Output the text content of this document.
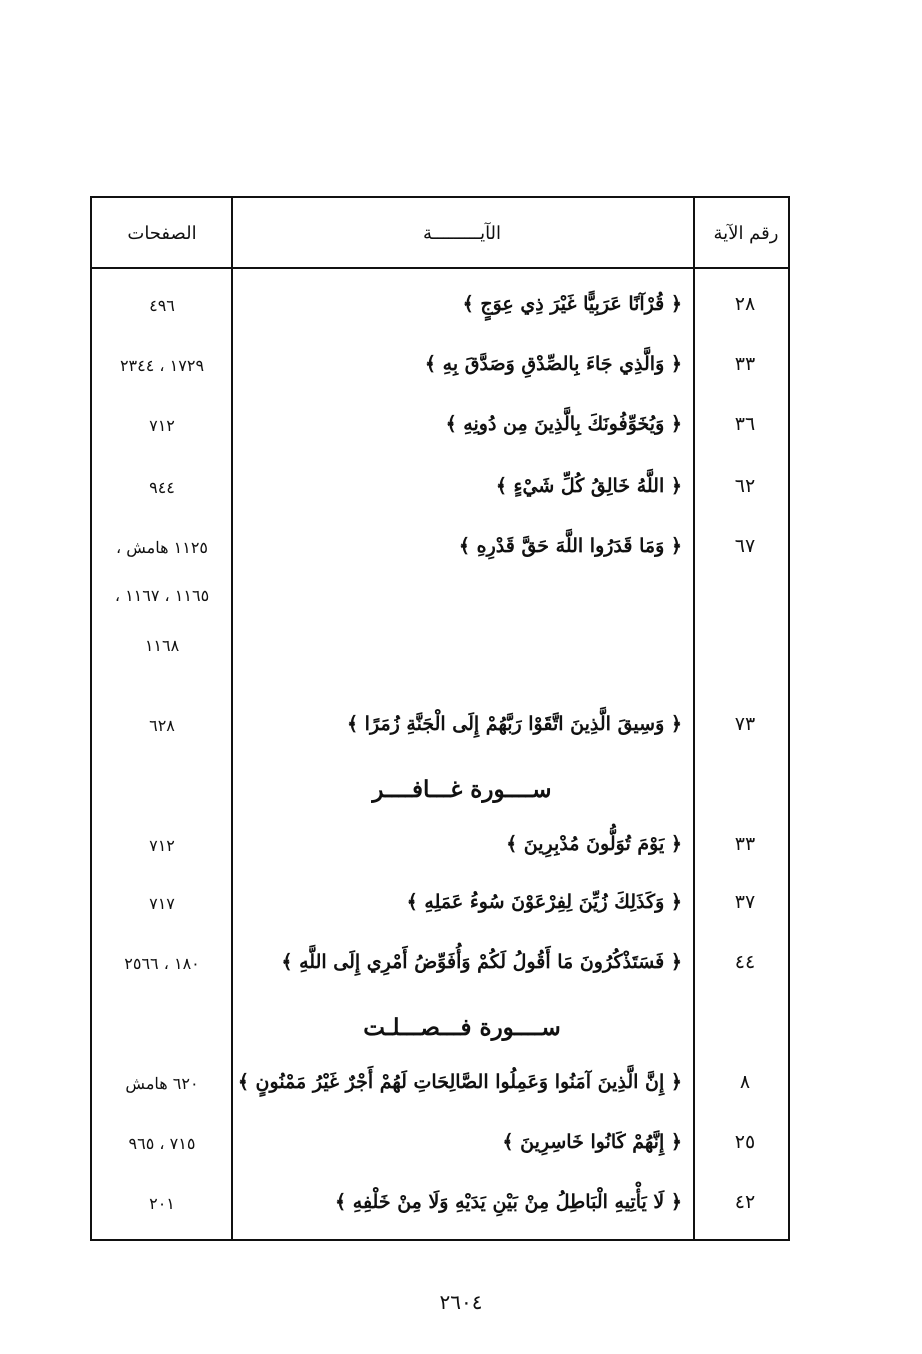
رقم الآية
الآيـــــــــة
الصفحات
٢٨
﴿ قُرْآنًا عَرَبِيًّا غَيْرَ ذِي عِوَجٍ ﴾
٤٩٦
٣٣
﴿ وَالَّذِي جَاءَ بِالصِّدْقِ وَصَدَّقَ بِهِ ﴾
١٧٢٩ ، ٢٣٤٤
٣٦
﴿ وَيُخَوِّفُونَكَ بِالَّذِينَ مِن دُونِهِ ﴾
٧١٢
٦٢
﴿ اللَّهُ خَالِقُ كُلِّ شَيْءٍ ﴾
٩٤٤
٦٧
﴿ وَمَا قَدَرُوا اللَّهَ حَقَّ قَدْرِهِ ﴾
١١٢٥ هامش ،
١١٦٥ ، ١١٦٧ ،
١١٦٨
٧٣
﴿ وَسِيقَ الَّذِينَ اتَّقَوْا رَبَّهُمْ إِلَى الْجَنَّةِ زُمَرًا ﴾
٦٢٨
ســــورة غـــافــــر
٣٣
﴿ يَوْمَ تُوَلُّونَ مُدْبِرِينَ ﴾
٧١٢
٣٧
﴿ وَكَذَلِكَ زُيِّنَ لِفِرْعَوْنَ سُوءُ عَمَلِهِ ﴾
٧١٧
٤٤
﴿ فَسَتَذْكُرُونَ مَا أَقُولُ لَكُمْ وَأُفَوِّضُ أَمْرِي إِلَى اللَّهِ ﴾
١٨٠ ، ٢٥٦٦
ســــورة فـــصـــلـت
٨
﴿ إِنَّ الَّذِينَ آمَنُوا وَعَمِلُوا الصَّالِحَاتِ لَهُمْ أَجْرٌ غَيْرُ مَمْنُونٍ ﴾
٦٢٠ هامش
٢٥
﴿ إِنَّهُمْ كَانُوا خَاسِرِينَ ﴾
٧١٥ ، ٩٦٥
٤٢
﴿ لَا يَأْتِيهِ الْبَاطِلُ مِنْ بَيْنِ يَدَيْهِ وَلَا مِنْ خَلْفِهِ ﴾
٢٠١
٢٦٠٤
